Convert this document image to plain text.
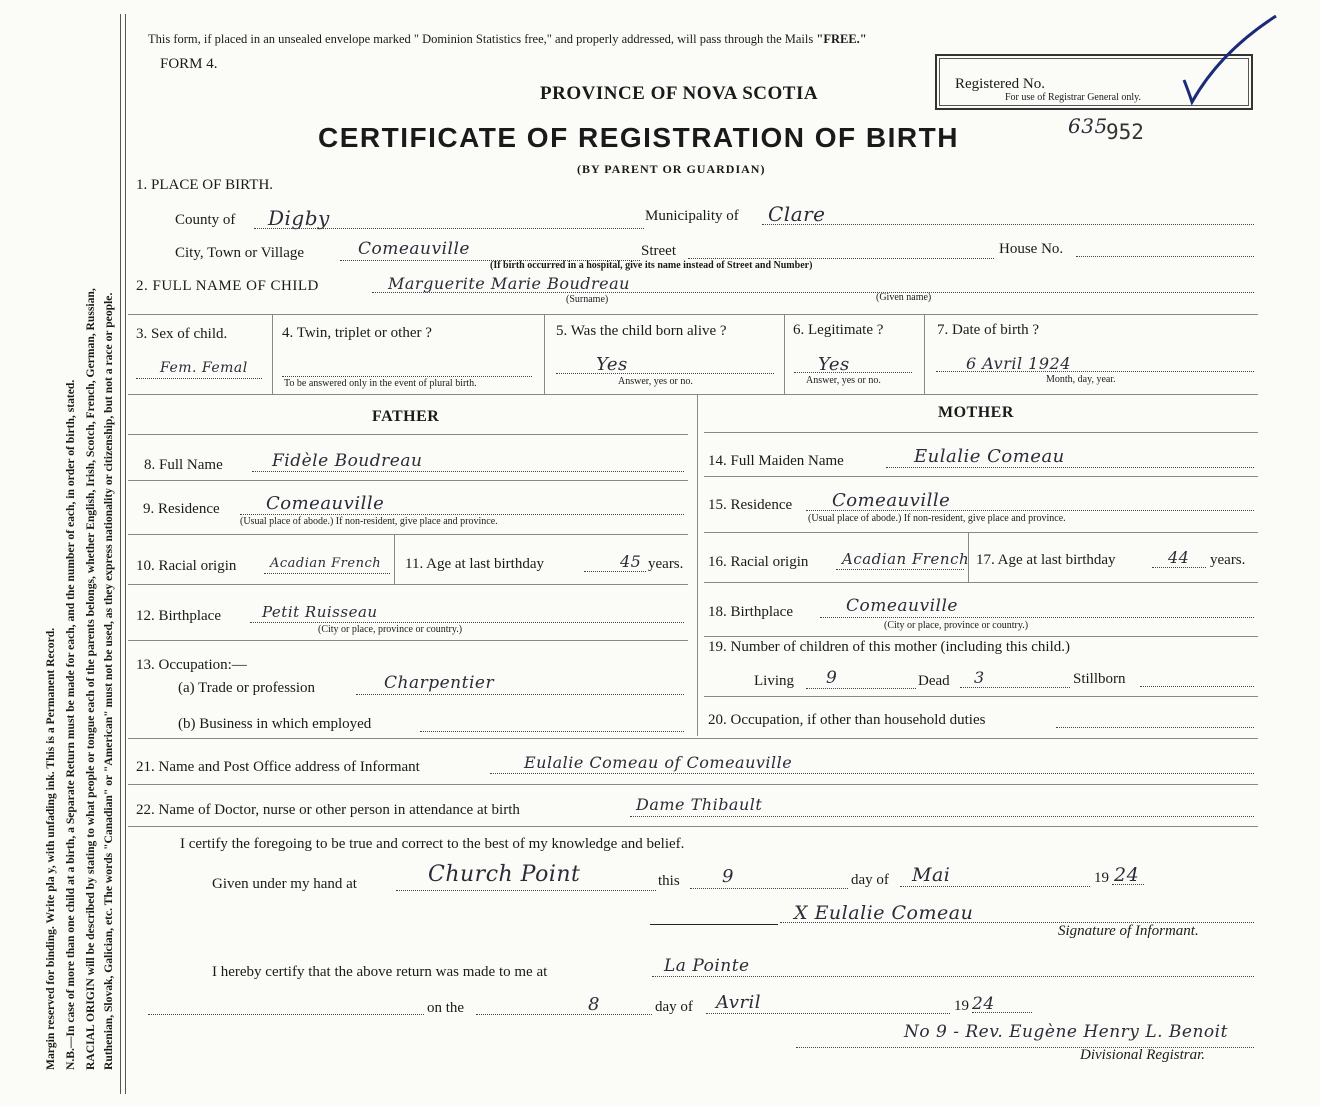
Margin reserved for binding. Write pla y, with unfading ink. This is a Permanent Record. N.B.—In case of more than one child at a birth, a Separate Return must be made for each, and the number of each, in order of birth, stated. RACIAL ORIGIN will be described by stating to what people or tongue each of the parents belongs, whether English, Irish, Scotch, French, German, Russian, Ruthenian, Slovak, Galician, etc. The words "Canadian" or "American" must not be used, as they express nationality or citizenship, but not a race or people.
This form, if placed in an unsealed envelope marked " Dominion Statistics free," and properly addressed, will pass through the Mails "FREE."
FORM 4.
PROVINCE OF NOVA SCOTIA
CERTIFICATE OF REGISTRATION OF BIRTH
(BY PARENT OR GUARDIAN)
Registered No.
For use of Registrar General only.
635
952
1. PLACE OF BIRTH.
County of Digby	Municipality of Clare
City, Town or Village	Comeauville	Street	House No.
(If birth occurred in a hospital, give its name instead of Street and Number)
2. FULL NAME OF CHILD	Marguerite Marie Boudreau
(Surname)	(Given name)
3. Sex of child.
Fem. Femal
4. Twin, triplet or other ?
To be answered only in the event of plural birth.
5. Was the child born alive ?
Yes
Answer, yes or no.
6. Legitimate ?
Yes
Answer, yes or no.
7. Date of birth ?
6 Avril 1924
Month, day, year.
FATHER	MOTHER
8. Full Name	Fidèle Boudreau	14. Full Maiden Name	Eulalie Comeau
9. Residence	Comeauville
(Usual place of abode.) If non-resident, give place and province.
15. Residence Comeauville
(Usual place of abode.) If non-resident, give place and province.
10. Racial origin	Acadian French 11. Age at last birthday	45 years. 16. Racial origin Acadian French 17. Age at last birthday	44 years.
12. Birthplace	Petit Ruisseau
(City or place, province or country.)
18. Birthplace	Comeauville
(City or place, province or country.)
13. Occupation:—
(a) Trade or profession	Charpentier
(b) Business in which employed
19. Number of children of this mother (including this child.)
Living 9	Dead 3	Stillborn
20. Occupation, if other than household duties
21. Name and Post Office address of Informant	Eulalie Comeau of Comeauville
22. Name of Doctor, nurse or other person in attendance at birth	Dame Thibault
I certify the foregoing to be true and correct to the best of my knowledge and belief.
Given under my hand at	Church Point	this 9	day of Mai	19 24
X Eulalie Comeau
Signature of Informant.
I hereby certify that the above return was made to me at	La Pointe
on the	8	day of Avril	19 24
No 9 - Rev. Eugène Henry L. Benoit
Divisional Registrar.
